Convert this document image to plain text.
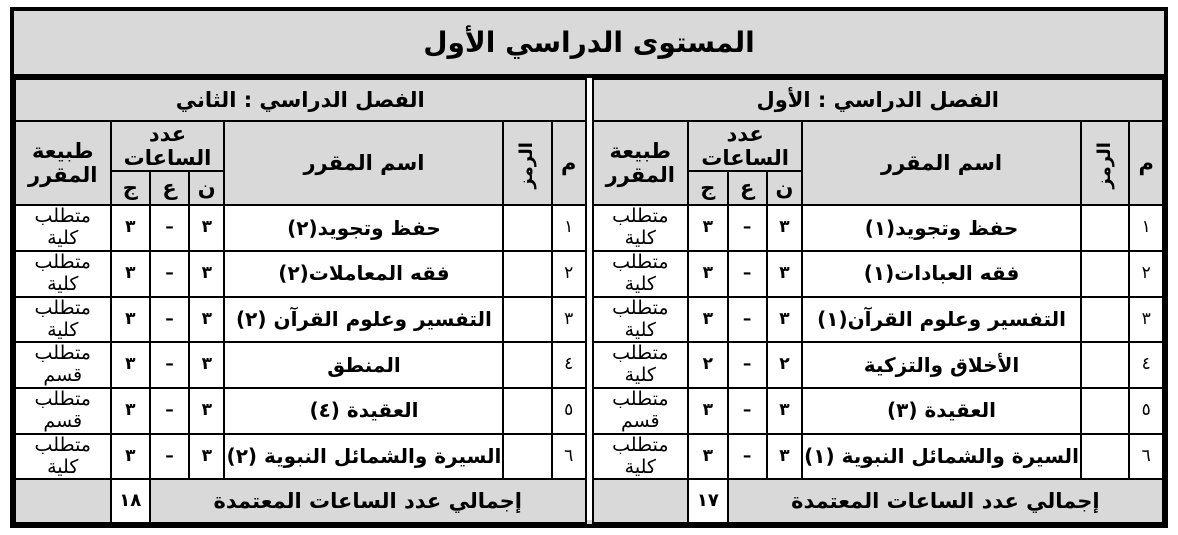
المستوى الدراسي الأول
الفصل الدراسي : الأول						
م	الرمز	اسم المقرر	عدد الساعات			طبيعة المقرر
			ن	ع	ج	
١		حفظ وتجويد(١)	٣	–	٣	متطلب كلية
٢		فقه العبادات(١)	٣	–	٣	متطلب كلية
٣		التفسير وعلوم القرآن(١)	٣	–	٣	متطلب كلية
٤		الأخلاق والتزكية	٢	–	٢	متطلب كلية
٥		العقيدة (٣)	٣	–	٣	متطلب قسم
٦		السيرة والشمائل النبوية (١)	٣	–	٣	متطلب كلية
إجمالي عدد الساعات المعتمدة					١٧	
الفصل الدراسي : الثاني						
م	الرمز	اسم المقرر	عدد الساعات			طبيعة المقرر
			ن	ع	ج	
١		حفظ وتجويد(٢)	٣	–	٣	متطلب كلية
٢		فقه المعاملات(٢)	٣	–	٣	متطلب كلية
٣		التفسير وعلوم القرآن (٢)	٣	–	٣	متطلب كلية
٤		المنطق	٣	–	٣	متطلب قسم
٥		العقيدة (٤)	٣	–	٣	متطلب قسم
٦		السيرة والشمائل النبوية (٢)	٣	–	٣	متطلب كلية
إجمالي عدد الساعات المعتمدة					١٨	
